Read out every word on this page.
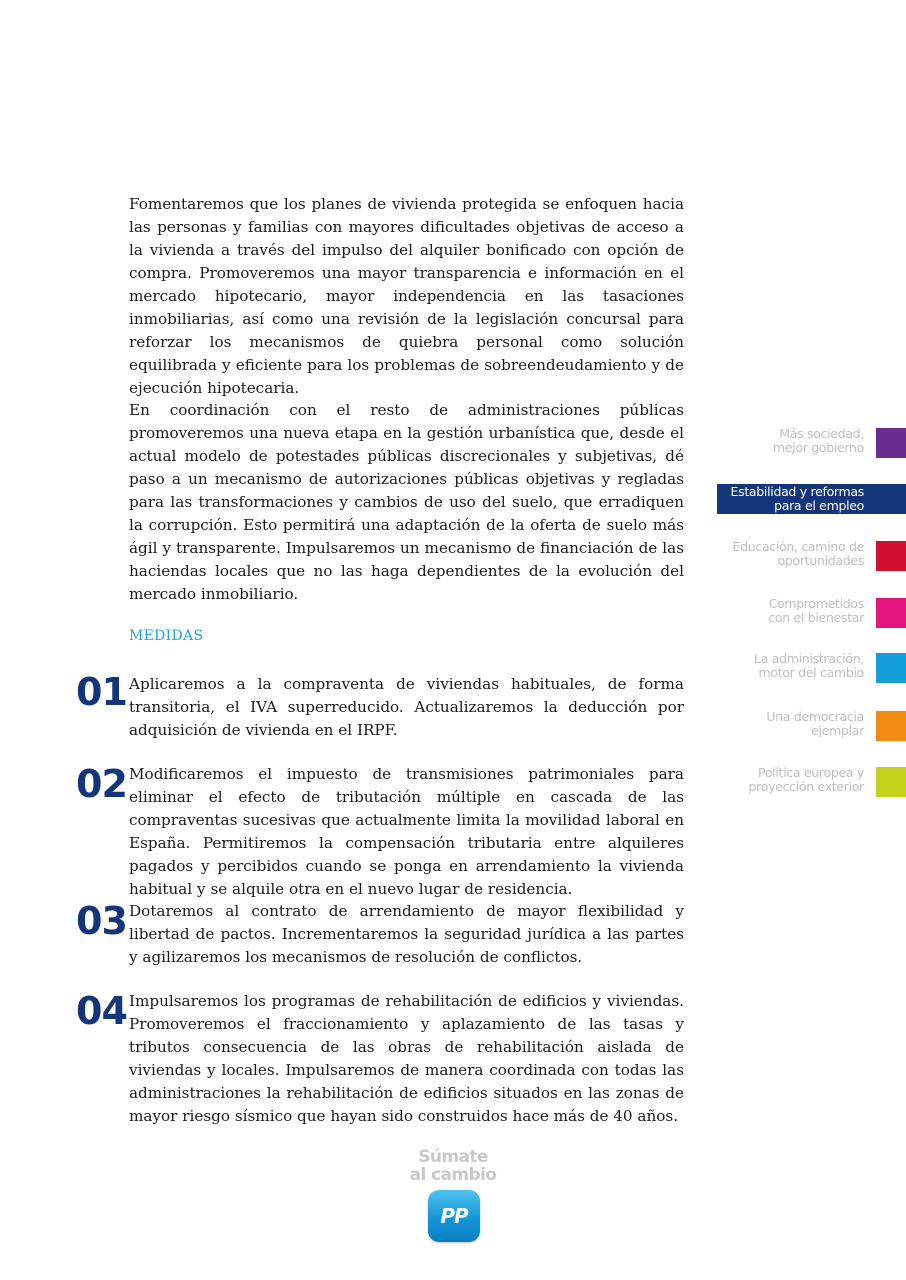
Fomentaremos que los planes de vivienda protegida se enfoquen hacia las personas y familias con mayores dificultades objetivas de acceso a la vivienda a través del impulso del alquiler bonificado con opción de compra. Promoveremos una mayor transparencia e información en el mercado hipotecario, mayor independencia en las tasaciones inmobiliarias, así como una revisión de la legislación concursal para reforzar los mecanismos de quiebra personal como solución equilibrada y eficiente para los problemas de sobreendeudamiento y de ejecución hipotecaria.

En coordinación con el resto de administraciones públicas promoveremos una nueva etapa en la gestión urbanística que, desde el actual modelo de potestades públicas discrecionales y subjetivas, dé paso a un mecanismo de autorizaciones públicas objetivas y regladas para las transformaciones y cambios de uso del suelo, que erradiquen la corrupción. Esto permitirá una adaptación de la oferta de suelo más ágil y transparente. Impulsaremos un mecanismo de financiación de las haciendas locales que no las haga dependientes de la evolución del mercado inmobiliario.

MEDIDAS

01 Aplicaremos a la compraventa de viviendas habituales, de forma transitoria, el IVA superreducido. Actualizaremos la deducción por adquisición de vivienda en el IRPF.

02 Modificaremos el impuesto de transmisiones patrimoniales para eliminar el efecto de tributación múltiple en cascada de las compraventas sucesivas que actualmente limita la movilidad laboral en España. Permitiremos la compensación tributaria entre alquileres pagados y percibidos cuando se ponga en arrendamiento la vivienda habitual y se alquile otra en el nuevo lugar de residencia.

03 Dotaremos al contrato de arrendamiento de mayor flexibilidad y libertad de pactos. Incrementaremos la seguridad jurídica a las partes y agilizaremos los mecanismos de resolución de conflictos.

04 Impulsaremos los programas de rehabilitación de edificios y viviendas. Promoveremos el fraccionamiento y aplazamiento de las tasas y tributos consecuencia de las obras de rehabilitación aislada de viviendas y locales. Impulsaremos de manera coordinada con todas las administraciones la rehabilitación de edificios situados en las zonas de mayor riesgo sísmico que hayan sido construidos hace más de 40 años.

Más sociedad,
mejor gobierno
Estabilidad y reformas
para el empleo
Educación, camino de
oportunidades
Comprometidos
con el bienestar
La administración,
motor del cambio
Una democracia
ejemplar
Política europea y
proyección exterior
Súmate
al cambio
PP
